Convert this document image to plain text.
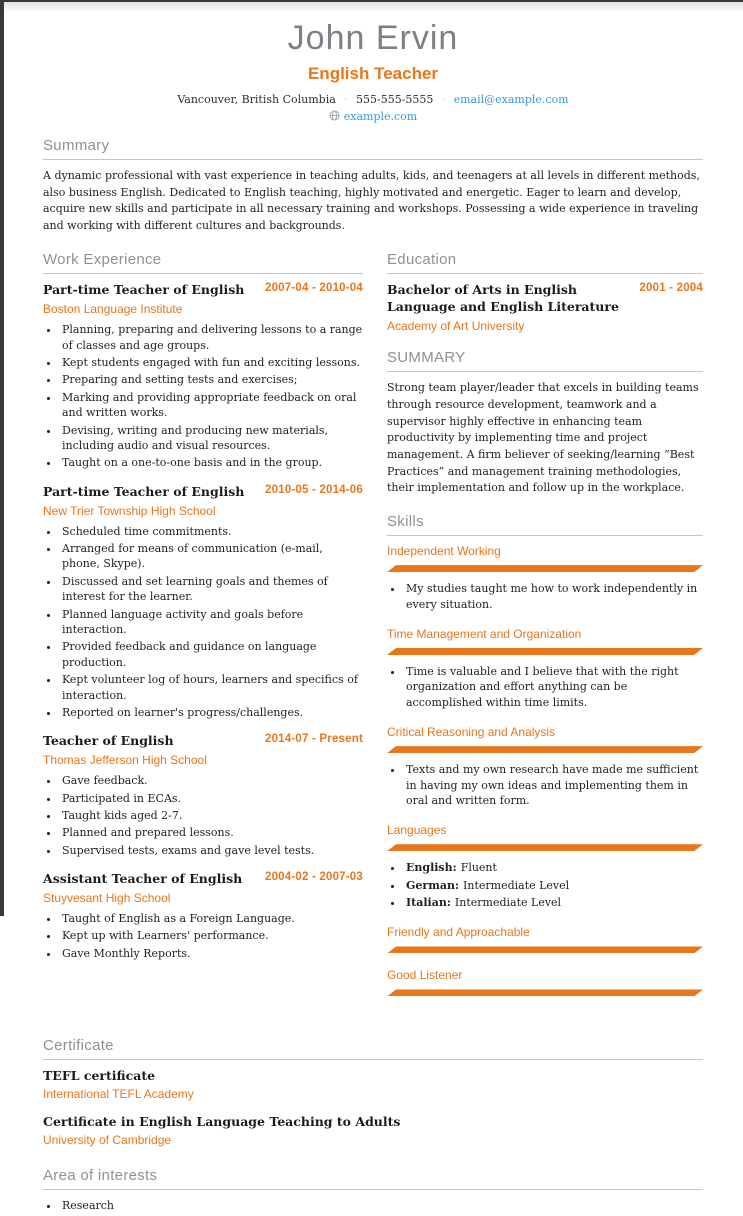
John Ervin
English Teacher
Vancouver, British Columbia · 555-555-5555 · email@example.com
example.com
Summary

A dynamic professional with vast experience in teaching adults, kids, and teenagers at all levels in different methods, also business English. Dedicated to English teaching, highly motivated and energetic. Eager to learn and develop, acquire new skills and participate in all necessary training and workshops. Possessing a wide experience in traveling and working with different cultures and backgrounds.

Work Experience
Part-time Teacher of English 2007-04 - 2010-04
Boston Language Institute
• Planning, preparing and delivering lessons to a range of classes and age groups.
• Kept students engaged with fun and exciting lessons.
• Preparing and setting tests and exercises;
• Marking and providing appropriate feedback on oral and written works.
• Devising, writing and producing new materials, including audio and visual resources.
• Taught on a one-to-one basis and in the group.
Part-time Teacher of English 2010-05 - 2014-06
New Trier Township High School
• Scheduled time commitments.
• Arranged for means of communication (e-mail, phone, Skype).
• Discussed and set learning goals and themes of interest for the learner.
• Planned language activity and goals before interaction.
• Provided feedback and guidance on language production.
• Kept volunteer log of hours, learners and specifics of interaction.
• Reported on learner's progress/challenges.
Teacher of English	2014-07 - Present
Thomas Jefferson High School
• Gave feedback.
• Participated in ECAs.
• Taught kids aged 2-7.
• Planned and prepared lessons.
• Supervised tests, exams and gave level tests.
Assistant Teacher of English 2004-02 - 2007-03
Stuyvesant High School
• Taught of English as a Foreign Language.
• Kept up with Learners' performance.
• Gave Monthly Reports.
Education
Bachelor of Arts in English Language and English Literature
2001 - 2004
Academy of Art University
SUMMARY

Strong team player/leader that excels in building teams through resource development, teamwork and a supervisor highly effective in enhancing team productivity by implementing time and project management. A firm believer of seeking/learning “Best Practices” and management training methodologies, their implementation and follow up in the workplace.

Skills
Independent Working
• My studies taught me how to work independently in every situation.
Time Management and Organization
• Time is valuable and I believe that with the right organization and effort anything can be accomplished within time limits.
Critical Reasoning and Analysis
• Texts and my own research have made me sufficient in having my own ideas and implementing them in oral and written form.
Languages
• English: Fluent
• German: Intermediate Level
• Italian: Intermediate Level
Friendly and Approachable
Good Listener
Certificate
TEFL certificate
International TEFL Academy
Certificate in English Language Teaching to Adults
University of Cambridge
Area of interests
• Research
